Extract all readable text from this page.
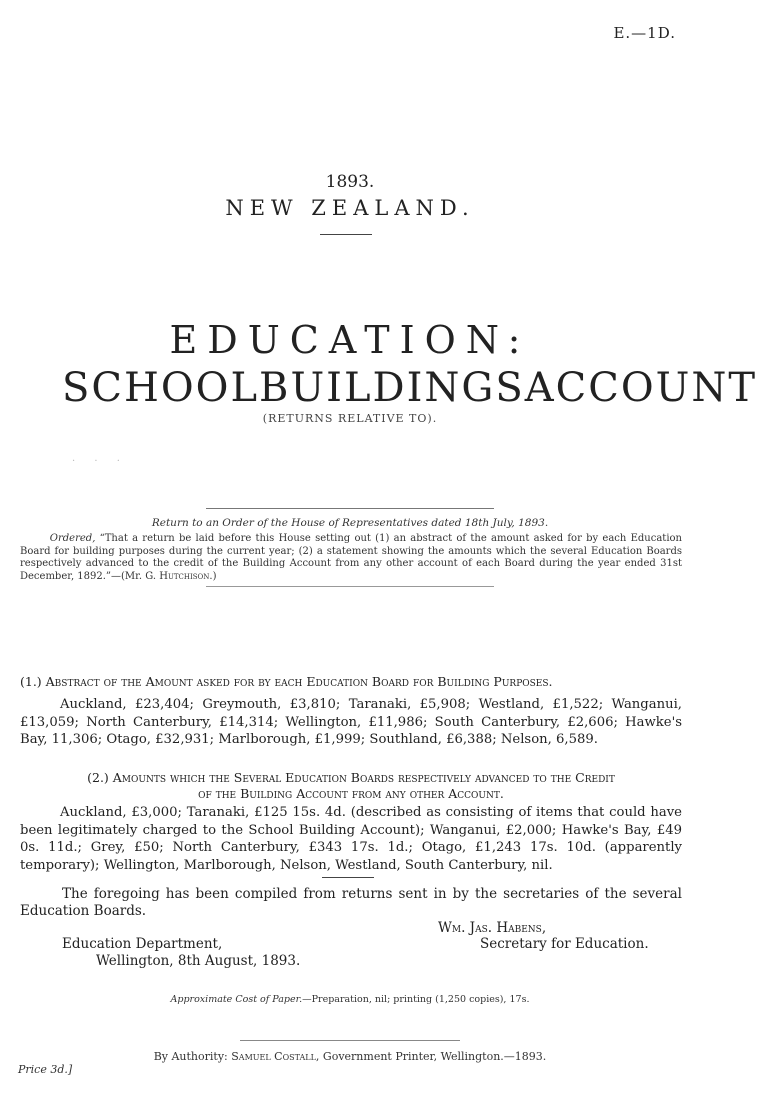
E.—1D.
1893.
NEW ZEALAND.
EDUCATION:
SCHOOL BUILDINGS ACCOUNT
(RETURNS RELATIVE TO).
· · ·
Return to an Order of the House of Representatives dated 18th July, 1893.
Ordered, “That a return be laid before this House setting out (1) an abstract of the amount asked for by each Education Board for building purposes during the current year; (2) a statement showing the amounts which the several Education Boards respectively advanced to the credit of the Building Account from any other account of each Board during the year ended 31st December, 1892.”—(Mr. G. Hutchison.)
(1.) Abstract of the Amount asked for by each Education Board for Building Purposes.
Auckland, £23,404; Greymouth, £3,810; Taranaki, £5,908; Westland, £1,522; Wanganui, £13,059; North Canterbury, £14,314; Wellington, £11,986; South Canterbury, £2,606; Hawke's Bay, 11,306; Otago, £32,931; Marlborough, £1,999; Southland, £6,388; Nelson, 6,589.
(2.) Amounts which the Several Education Boards respectively advanced to the Credit
of the Building Account from any other Account.
Auckland, £3,000; Taranaki, £125 15s. 4d. (described as consisting of items that could have been legitimately charged to the School Building Account); Wanganui, £2,000; Hawke's Bay, £49 0s. 11d.; Grey, £50; North Canterbury, £343 17s. 1d.; Otago, £1,243 17s. 10d. (apparently temporary); Wellington, Marlborough, Nelson, Westland, South Canterbury, nil.
The foregoing has been compiled from returns sent in by the secretaries of the several Education Boards.
Wm. Jas. Habens,
Secretary for Education.
Education Department,
Wellington, 8th August, 1893.
Approximate Cost of Paper.—Preparation, nil; printing (1,250 copies), 17s.
By Authority: Samuel Costall, Government Printer, Wellington.—1893.
Price 3d.]
